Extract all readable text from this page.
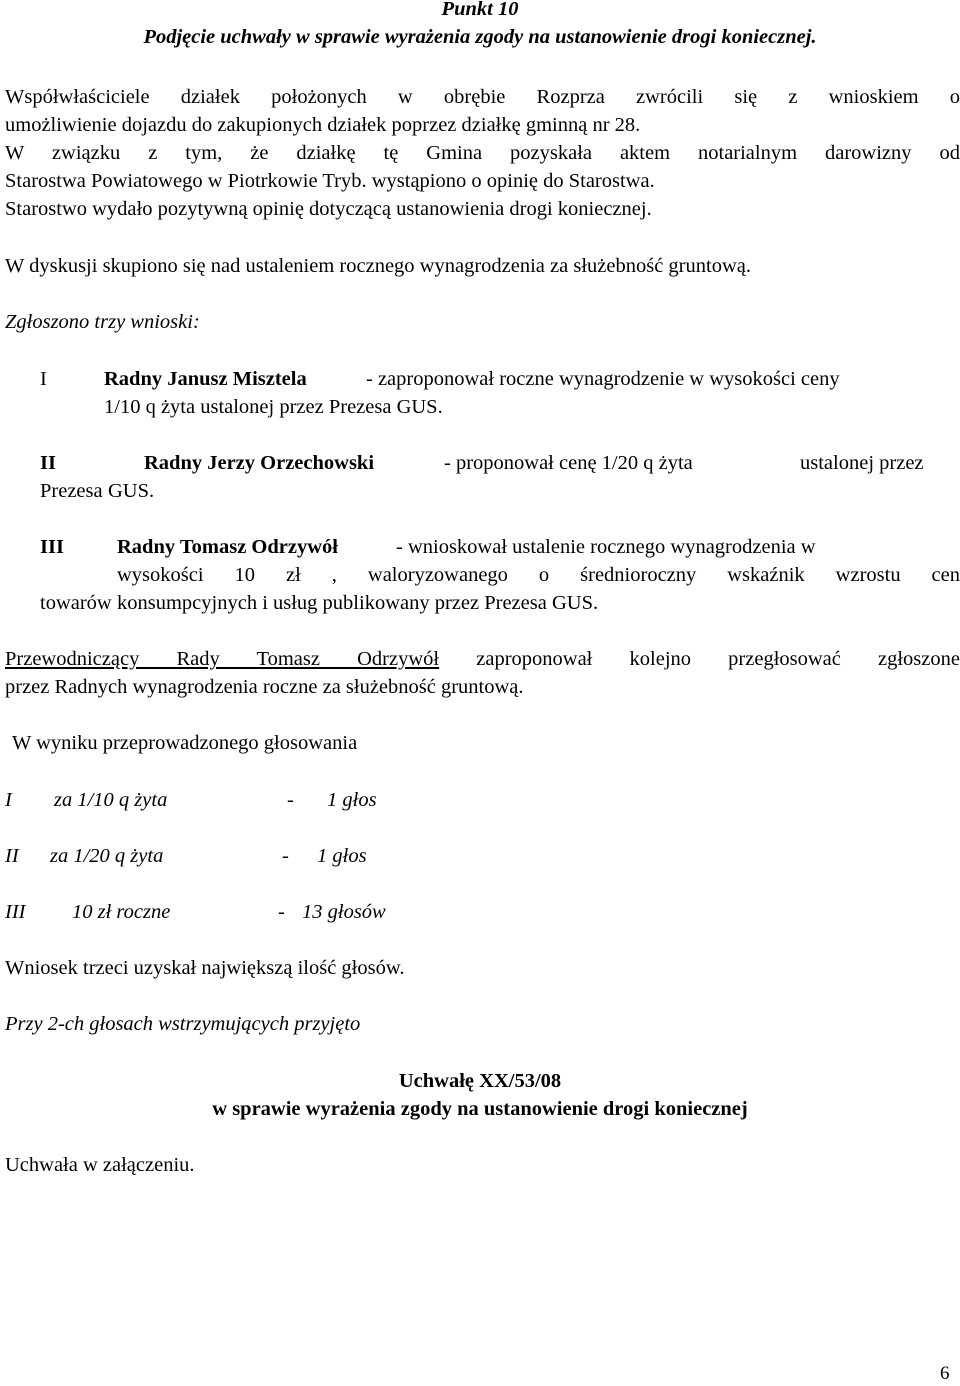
Punkt 10
Podjęcie uchwały w sprawie wyrażenia zgody na ustanowienie drogi koniecznej.
Współwłaściciele działek położonych w obrębie Rozprza zwrócili się z wnioskiem o
umożliwienie dojazdu do zakupionych działek poprzez działkę gminną nr 28.
W związku z tym, że działkę tę Gmina pozyskała aktem notarialnym darowizny od
Starostwa Powiatowego w Piotrkowie Tryb. wystąpiono o opinię do Starostwa.
Starostwo wydało pozytywną opinię dotyczącą ustanowienia drogi koniecznej.
W dyskusji skupiono się nad ustaleniem rocznego wynagrodzenia za służebność gruntową.
Zgłoszono trzy wnioski:
I	Radny Janusz Misztela	- zaproponował roczne wynagrodzenie w wysokości ceny
1/10 q żyta ustalonej przez Prezesa GUS.
II	Radny Jerzy Orzechowski	- proponował cenę 1/20 q żyta	ustalonej przez
Prezesa GUS.
III	Radny Tomasz Odrzywół	- wnioskował ustalenie rocznego wynagrodzenia w
wysokości 10 zł , waloryzowanego o średnioroczny wskaźnik wzrostu cen
towarów konsumpcyjnych i usług publikowany przez Prezesa GUS.
Przewodniczący Rady Tomasz Odrzywół zaproponował kolejno przegłosować zgłoszone
przez Radnych wynagrodzenia roczne za służebność gruntową.
W wyniku przeprowadzonego głosowania
I za 1/10 q żyta	- 1 głos
II za 1/20 q żyta	- 1 głos
III 10 zł roczne	- 13 głosów
Wniosek trzeci uzyskał największą ilość głosów.
Przy 2-ch głosach wstrzymujących przyjęto
Uchwałę XX/53/08
w sprawie wyrażenia zgody na ustanowienie drogi koniecznej
Uchwała w załączeniu.
6
